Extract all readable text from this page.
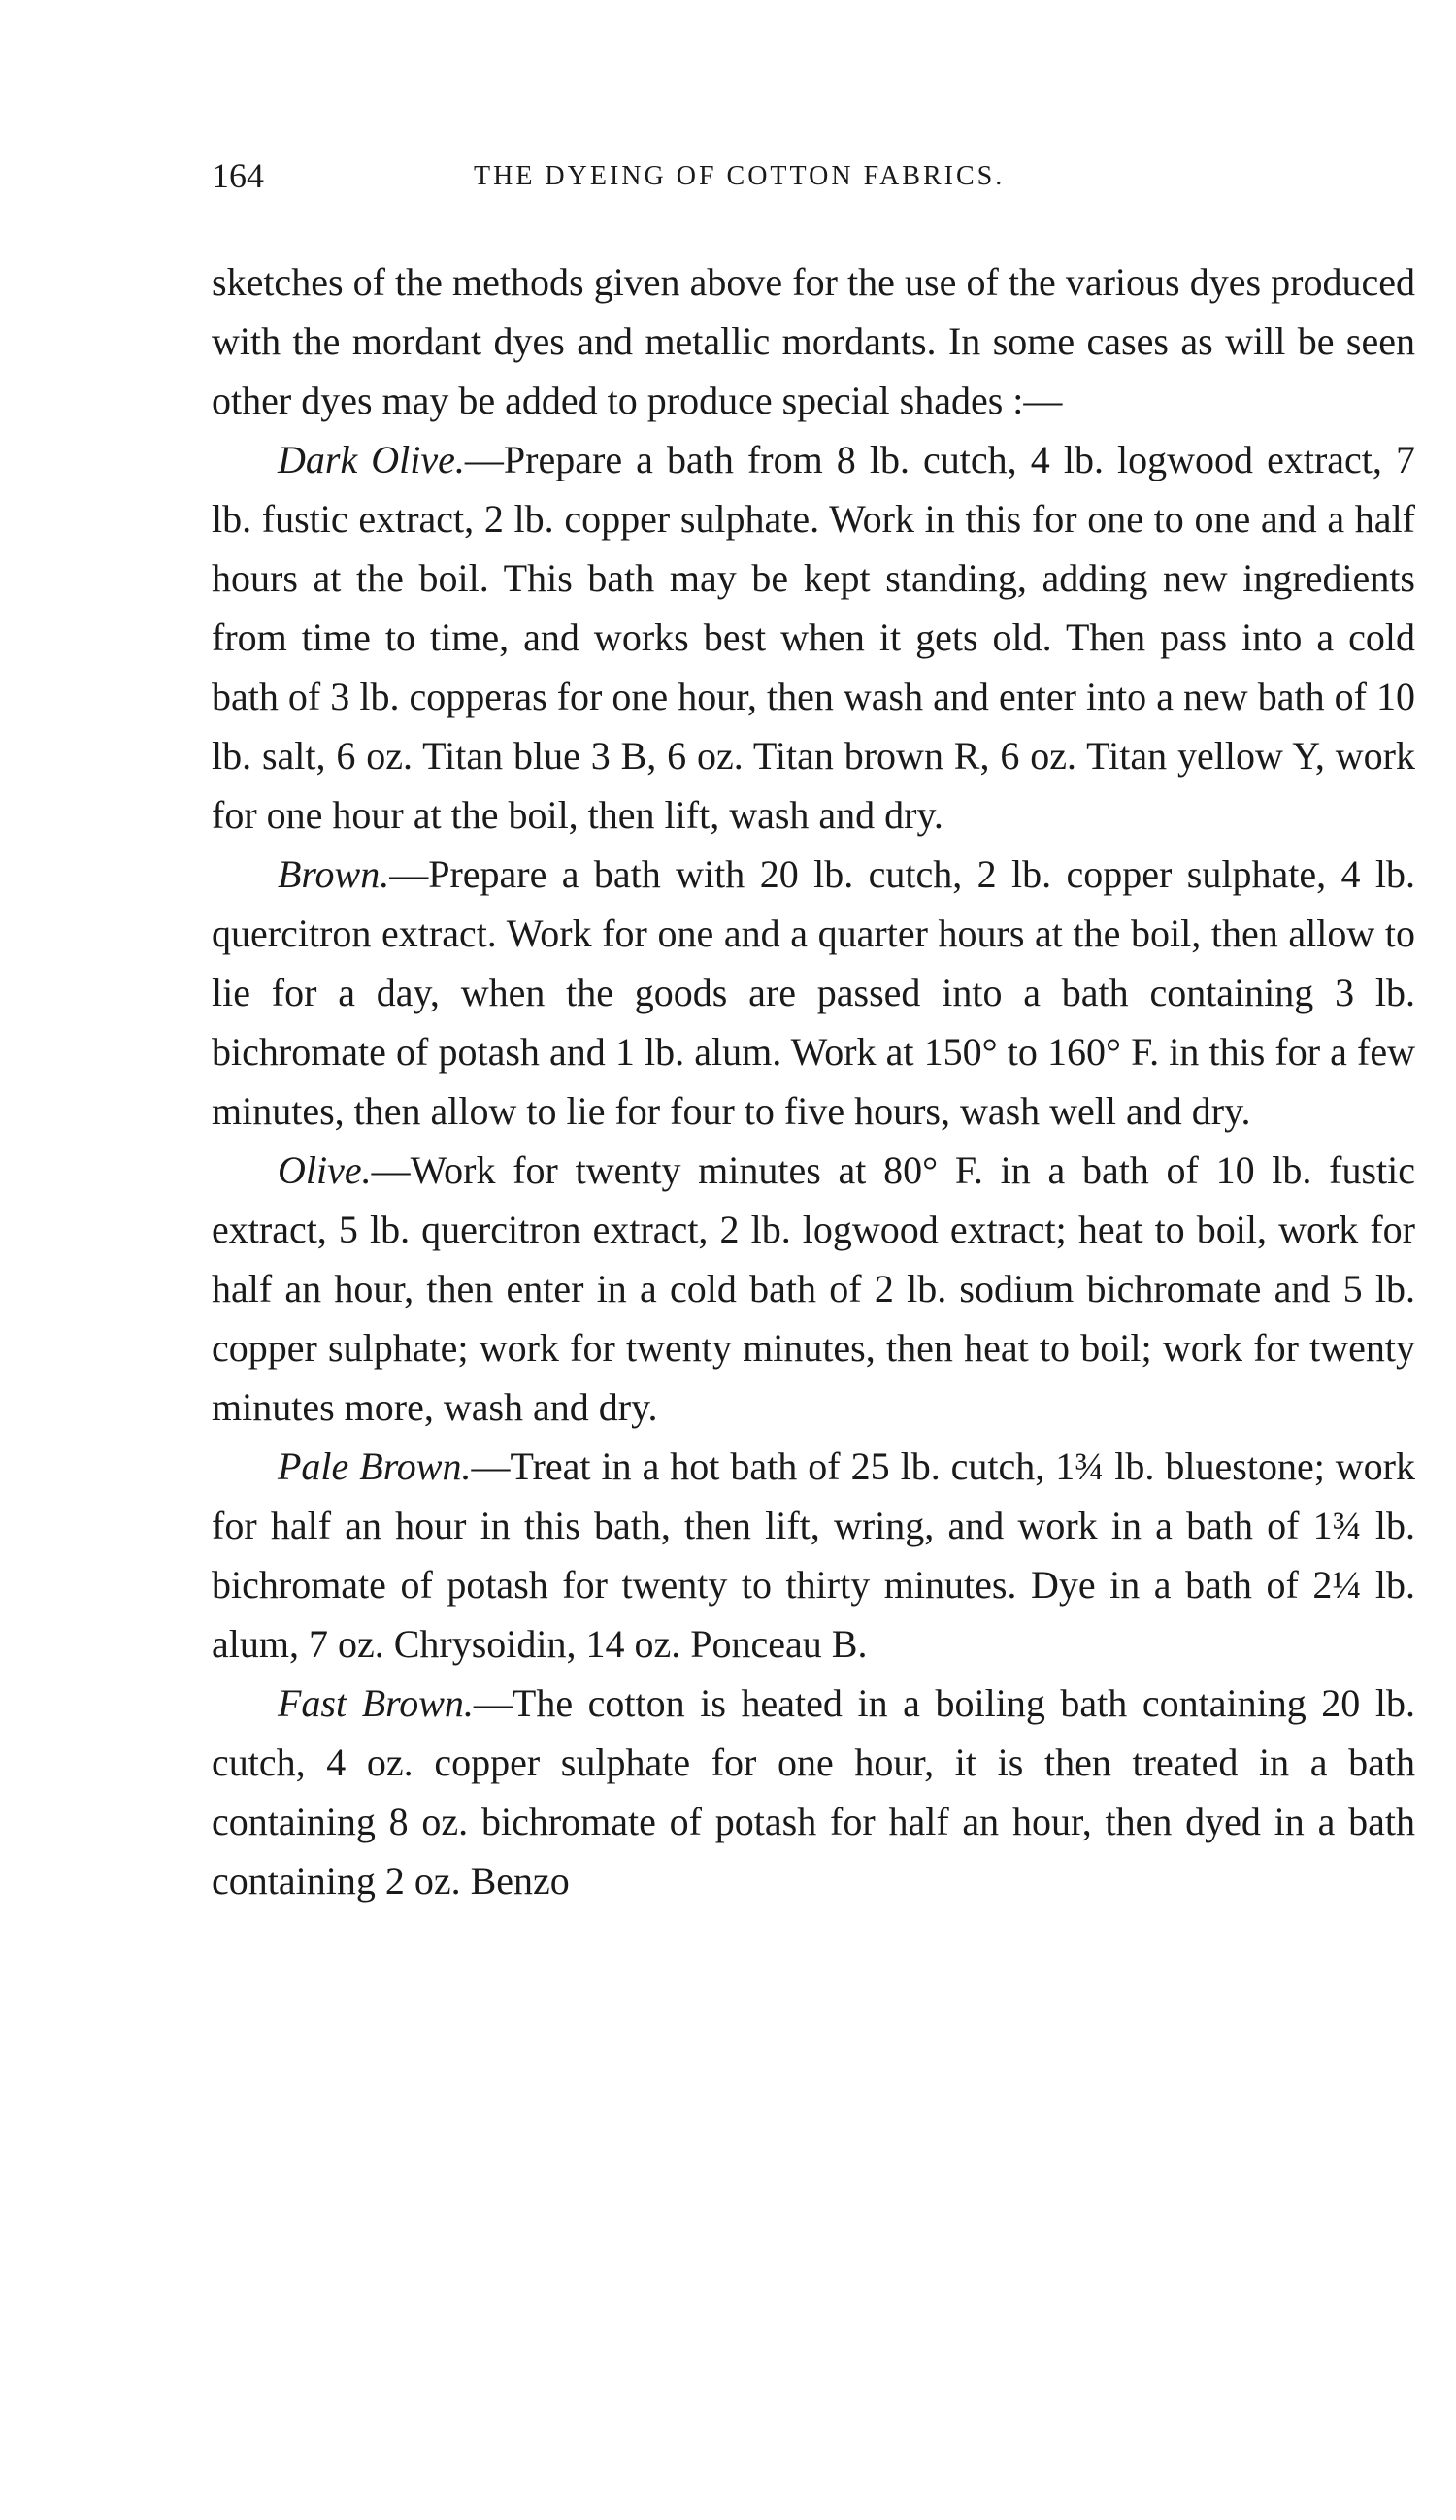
164	THE DYEING OF COTTON FABRICS.

sketches of the methods given above for the use of the various dyes produced with the mordant dyes and metallic mordants. In some cases as will be seen other dyes may be added to produce special shades :—

Dark Olive.—Prepare a bath from 8 lb. cutch, 4 lb. logwood extract, 7 lb. fustic extract, 2 lb. copper sulphate. Work in this for one to one and a half hours at the boil. This bath may be kept standing, adding new ingredients from time to time, and works best when it gets old. Then pass into a cold bath of 3 lb. copperas for one hour, then wash and enter into a new bath of 10 lb. salt, 6 oz. Titan blue 3 B, 6 oz. Titan brown R, 6 oz. Titan yellow Y, work for one hour at the boil, then lift, wash and dry.

Brown.—Prepare a bath with 20 lb. cutch, 2 lb. copper sulphate, 4 lb. quercitron extract. Work for one and a quarter hours at the boil, then allow to lie for a day, when the goods are passed into a bath containing 3 lb. bichromate of potash and 1 lb. alum. Work at 150° to 160° F. in this for a few minutes, then allow to lie for four to five hours, wash well and dry.

Olive.—Work for twenty minutes at 80° F. in a bath of 10 lb. fustic extract, 5 lb. quercitron extract, 2 lb. logwood extract; heat to boil, work for half an hour, then enter in a cold bath of 2 lb. sodium bichromate and 5 lb. copper sulphate; work for twenty minutes, then heat to boil; work for twenty minutes more, wash and dry.

Pale Brown.—Treat in a hot bath of 25 lb. cutch, 1¾ lb. bluestone; work for half an hour in this bath, then lift, wring, and work in a bath of 1¾ lb. bichromate of potash for twenty to thirty minutes. Dye in a bath of 2¼ lb. alum, 7 oz. Chrysoidin, 14 oz. Ponceau B.

Fast Brown.—The cotton is heated in a boiling bath containing 20 lb. cutch, 4 oz. copper sulphate for one hour, it is then treated in a bath containing 8 oz. bichromate of potash for half an hour, then dyed in a bath containing 2 oz. Benzo
